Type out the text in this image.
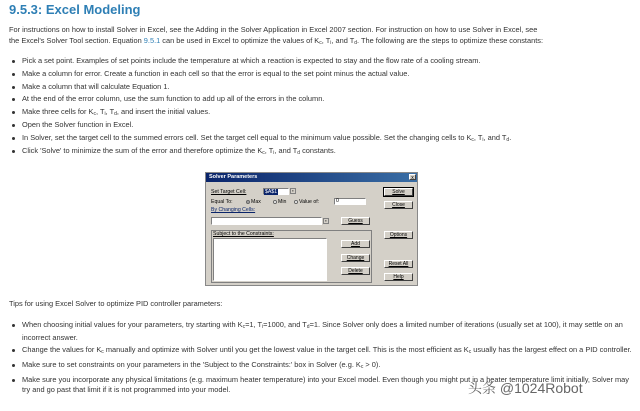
9.5.3: Excel Modeling
For instructions on how to install Solver in Excel, see the Adding in the Solver Application in Excel 2007 section. For instruction on how to use Solver in Excel, see
the Excel's Solver Tool section. Equation 9.5.1 can be used in Excel to optimize the values of $K_c$, $T_i$, and $T_d$. The following are the steps to optimize these constants:
Pick a set point. Examples of set points include the temperature at which a reaction is expected to stay and the flow rate of a cooling stream.
Make a column for error. Create a function in each cell so that the error is equal to the set point minus the actual value.
Make a column that will calculate Equation 1.
At the end of the error column, use the sum function to add up all of the errors in the column.
Make three cells for $K_c$, $T_i$, $T_d$, and insert the initial values.
Open the Solver function in Excel.
In Solver, set the target cell to the summed errors cell. Set the target cell equal to the minimum value possible. Set the changing cells to $K_c$, $T_i$, and $T_d$.
Click 'Solve' to minimize the sum of the error and therefore optimize the $K_c$, $T_i$, and $T_d$ constants.
Solver Parameters	x
Set Target Cell:	$A$1	▪
Equal To:	Max	Min	Value of:	0
By Changing Cells:
▪	Guess
Subject to the Constraints:
Add
Change
Delete
Solve
Close
Options
Reset All
Help
Tips for using Excel Solver to optimize PID controller parameters:
When choosing initial values for your parameters, try starting with $K_c=1$, $T_i=1000$, and $T_d=1$. Since Solver only does a limited number of iterations (usually set at 100), it may settle on an incorrect answer.
Change the values for $K_c$ manually and optimize with Solver until you get the lowest value in the target cell. This is the most efficient as $K_c$ usually has the largest effect on a PID controller.
Make sure to set constraints on your parameters in the 'Subject to the Constraints:' box in Solver (e.g. $K_c > 0$).
Make sure you incorporate any physical limitations (e.g. maximum heater temperature) into your Excel model. Even though you might put in a heater temperature limit initially, Solver may try and go past that limit if it is not programmed into your model.	头条 @1024Robot
